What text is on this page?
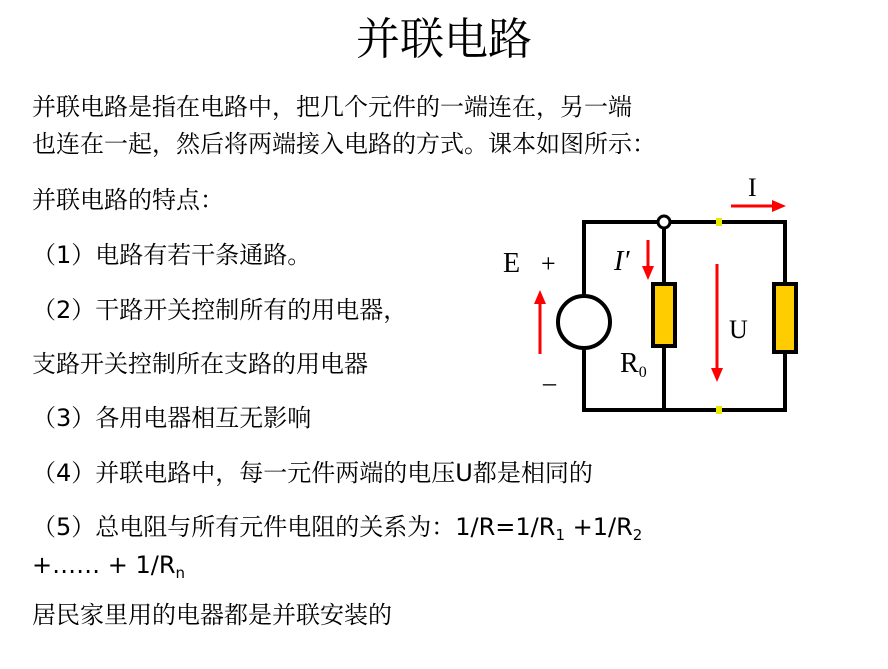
并联电路
并联电路是指在电路中，把几个元件的一端连在，另一端
也连在一起，然后将两端接入电路的方式。课本如图所示：
并联电路的特点：
（1）电路有若干条通路。
（2）干路开关控制所有的用电器，
支路开关控制所在支路的用电器
（3）各用电器相互无影响
（4）并联电路中，每一元件两端的电压U都是相同的
（5）总电阻与所有元件电阻的关系为：$1/R=1/R_1 +1/R_2$
+…… + $1/R_n$
居民家里用的电器都是并联安装的
I
E +
_
I′
R0
U
